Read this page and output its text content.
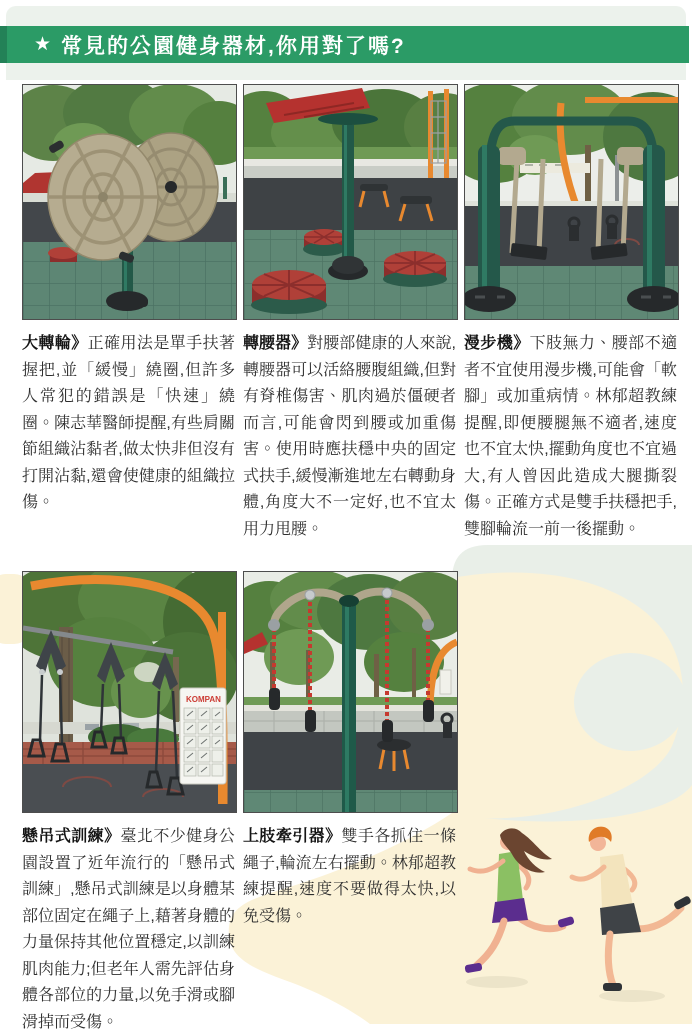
★ 常見的公園健身器材,你用對了嗎?

大轉輪》正確用法是單手扶著握把,並「緩慢」繞圈,但許多人常犯的錯誤是「快速」繞圈。陳志華醫師提醒,有些肩關節組織沾黏者,做太快非但沒有打開沾黏,還會使健康的組織拉傷。

轉腰器》對腰部健康的人來說,轉腰器可以活絡腰腹組織,但對有脊椎傷害、肌肉過於僵硬者而言,可能會閃到腰或加重傷害。使用時應扶穩中央的固定式扶手,緩慢漸進地左右轉動身體,角度大不一定好,也不宜太用力甩腰。

漫步機》下肢無力、腰部不適者不宜使用漫步機,可能會「軟腳」或加重病情。林郁超教練提醒,即便腰腿無不適者,速度也不宜太快,擺動角度也不宜過大,有人曾因此造成大腿撕裂傷。正確方式是雙手扶穩把手,雙腳輪流一前一後擺動。

KOMPAN

懸吊式訓練》臺北不少健身公園設置了近年流行的「懸吊式訓練」,懸吊式訓練是以身體某部位固定在繩子上,藉著身體的力量保持其他位置穩定,以訓練肌肉能力;但老年人需先評估身體各部位的力量,以免手滑或腳滑掉而受傷。

上肢牽引器》雙手各抓住一條繩子,輪流左右擺動。林郁超教練提醒,速度不要做得太快,以免受傷。
